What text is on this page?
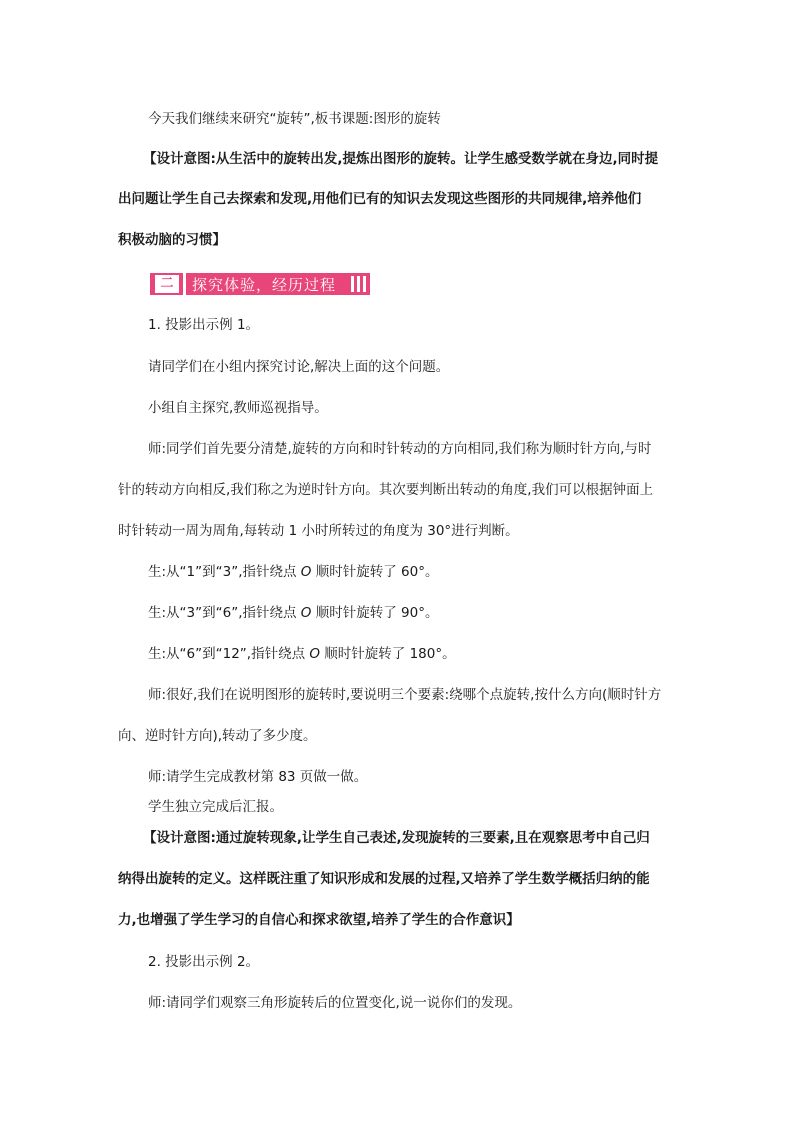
今天我们继续来研究“旋转”,板书课题:图形的旋转
【设计意图:从生活中的旋转出发,提炼出图形的旋转。让学生感受数学就在身边,同时提
出问题让学生自己去探索和发现,用他们已有的知识去发现这些图形的共同规律,培养他们
积极动脑的习惯】
二	探究体验，经历过程
1. 投影出示例 1。
请同学们在小组内探究讨论,解决上面的这个问题。
小组自主探究,教师巡视指导。
师:同学们首先要分清楚,旋转的方向和时针转动的方向相同,我们称为顺时针方向,与时
针的转动方向相反,我们称之为逆时针方向。其次要判断出转动的角度,我们可以根据钟面上
时针转动一周为周角,每转动 1 小时所转过的角度为 30°进行判断。
生:从“1”到“3”,指针绕点 O 顺时针旋转了 60°。
生:从“3”到“6”,指针绕点 O 顺时针旋转了 90°。
生:从“6”到“12”,指针绕点 O 顺时针旋转了 180°。
师:很好,我们在说明图形的旋转时,要说明三个要素:绕哪个点旋转,按什么方向(顺时针方
向、逆时针方向),转动了多少度。
师:请学生完成教材第 83 页做一做。
学生独立完成后汇报。
【设计意图:通过旋转现象,让学生自己表述,发现旋转的三要素,且在观察思考中自己归
纳得出旋转的定义。这样既注重了知识形成和发展的过程,又培养了学生数学概括归纳的能
力,也增强了学生学习的自信心和探求欲望,培养了学生的合作意识】
2. 投影出示例 2。
师:请同学们观察三角形旋转后的位置变化,说一说你们的发现。
